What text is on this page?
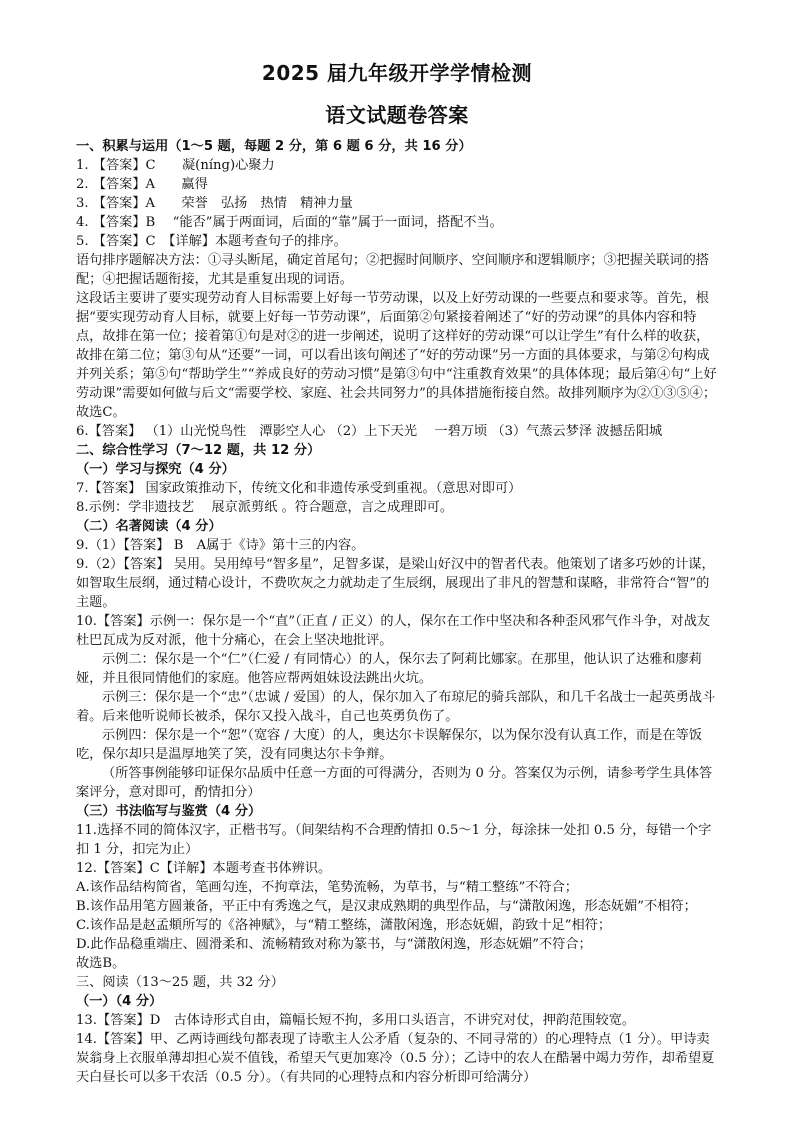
2025 届九年级开学学情检测
语文试题卷答案

一、积累与运用（1～5 题，每题 2 分，第 6 题 6 分，共 16 分）

1. 【答案】C　　凝(níng)心聚力

2. 【答案】A　　赢得

3. 【答案】A　　荣誉　弘扬　热情　精神力量

4. 【答案】B　 “能否”属于两面词，后面的“靠”属于一面词，搭配不当。

5. 【答案】C　【详解】本题考查句子的排序。

语句排序题解决方法：①寻头断尾，确定首尾句；②把握时间顺序、空间顺序和逻辑顺序；③把握关联词的搭配；④把握话题衔接，尤其是重复出现的词语。

这段话主要讲了要实现劳动育人目标需要上好每一节劳动课，以及上好劳动课的一些要点和要求等。首先，根据“要实现劳动育人目标，就要上好每一节劳动课”，后面第②句紧接着阐述了“好的劳动课”的具体内容和特点，故排在第一位；接着第①句是对②的进一步阐述，说明了这样好的劳动课“可以让学生”有什么样的收获，故排在第二位；第③句从“还要”一词，可以看出该句阐述了“好的劳动课”另一方面的具体要求，与第②句构成并列关系；第⑤句“帮助学生”“养成良好的劳动习惯”是第③句中“注重教育效果”的具体体现；最后第④句“上好劳动课”需要如何做与后文“需要学校、家庭、社会共同努力”的具体措施衔接自然。故排列顺序为②①③⑤④；

故选C。

6.【答案】 （1）山光悦鸟性　潭影空人心 （2）上下天光　 一碧万顷 （3）气蒸云梦泽 波撼岳阳城

二、综合性学习（7～12 题，共 12 分）

（一）学习与探究（4 分）

7.【答案】 国家政策推动下，传统文化和非遗传承受到重视。（意思对即可）

8.示例：学非遗技艺　 展京派剪纸 。符合题意，言之成理即可。

（二）名著阅读（4 分）

9.（1）【答案】 B　A属于《诗》第十三的内容。

9.（2）【答案】 吴用。吴用绰号“智多星”，足智多谋，是梁山好汉中的智者代表。他策划了诸多巧妙的计谋，如智取生辰纲，通过精心设计，不费吹灰之力就劫走了生辰纲，展现出了非凡的智慧和谋略，非常符合“智”的主题。

10.【答案】示例一：保尔是一个“直”（正直 / 正义）的人，保尔在工作中坚决和各种歪风邪气作斗争，对战友杜巴瓦成为反对派，他十分痛心，在会上坚决地批评。

示例二：保尔是一个“仁”（仁爱 / 有同情心）的人，保尔去了阿莉比娜家。在那里，他认识了达雅和廖莉娅，并且很同情他们的家庭。他答应帮两姐妹设法跳出火坑。

示例三：保尔是一个“忠”（忠诚 / 爱国）的人，保尔加入了布琼尼的骑兵部队，和几千名战士一起英勇战斗着。后来他听说师长被杀，保尔又投入战斗，自己也英勇负伤了。

示例四：保尔是一个“恕”（宽容 / 大度）的人，奥达尔卡误解保尔，以为保尔没有认真工作，而是在等饭吃，保尔却只是温厚地笑了笑，没有同奥达尔卡争辩。

（所答事例能够印证保尔品质中任意一方面的可得满分，否则为 0 分。答案仅为示例，请参考学生具体答案评分，意对即可，酌情扣分）

（三）书法临写与鉴赏（4 分）

11.选择不同的简体汉字，正楷书写。（间架结构不合理酌情扣 0.5～1 分，每涂抹一处扣 0.5 分，每错一个字扣 1 分，扣完为止）

12.【答案】C【详解】本题考查书体辨识。

A.该作品结构简省，笔画勾连，不拘章法，笔势流畅，为草书，与“精工整练”不符合；

B.该作品用笔方圆兼备，平正中有秀逸之气，是汉隶成熟期的典型作品，与“潇散闲逸，形态妩媚”不相符；

C.该作品是赵孟頫所写的《洛神赋》，与“精工整练，潇散闲逸，形态妩媚，韵致十足”相符；

D.此作品稳重端庄、圆滑柔和、流畅精致对称为篆书，与“潇散闲逸，形态妩媚”不符合；

故选B。

三、阅读（13～25 题，共 32 分）

（一）（4 分）

13.【答案】D　古体诗形式自由，篇幅长短不拘，多用口头语言，不讲究对仗，押韵范围较宽。

14.【答案】甲、乙两诗画线句都表现了诗歌主人公矛盾（复杂的、不同寻常的）的心理特点（1 分）。甲诗卖炭翁身上衣服单薄却担心炭不值钱，希望天气更加寒冷（0.5 分）；乙诗中的农人在酷暑中竭力劳作，却希望夏天白昼长可以多干农活（0.5 分）。（有共同的心理特点和内容分析即可给满分）
